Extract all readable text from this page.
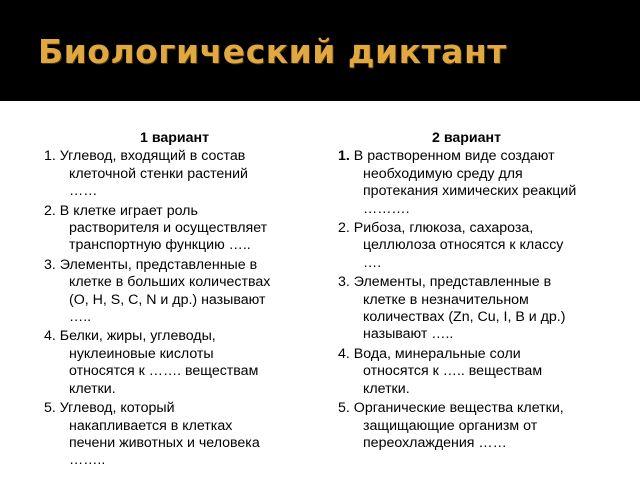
Биологический диктант
1 вариант
1. Углевод, входящий в состав
клеточной стенки растений
……
2. В клетке играет роль
растворителя и осуществляет
транспортную функцию …..
3. Элементы, представленные в
клетке в больших количествах
(O, H, S, C, N и др.) называют
…..
4. Белки, жиры, углеводы,
нуклеиновые кислоты
относятся к ……. веществам
клетки.
5. Углевод, который
накапливается в клетках
печени животных и человека
……..
2 вариант
1. В растворенном виде создают
необходимую среду для
протекания химических реакций
……….
2. Рибоза, глюкоза, сахароза,
целлюлоза относятся к классу
….
3. Элементы, представленные в
клетке в незначительном
количествах (Zn, Cu, I, B и др.)
называют …..
4. Вода, минеральные соли
относятся к ….. веществам
клетки.
5. Органические вещества клетки,
защищающие организм от
переохлаждения ……
